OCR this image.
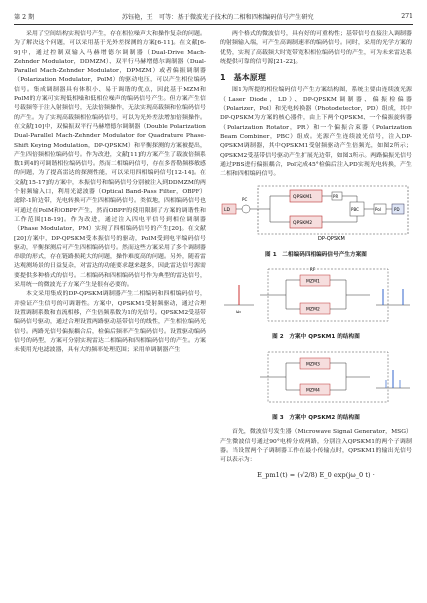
第 2 期	苏钰艳，王　可等：基于微波光子技术的二相和四相编码信号产生研究	271

采用了空间结构实现信号产生，存在相位噪声大和操作复杂的问题。为了解决这个问题，可以采用基于光外差探测的方案[6-11]。在文献[6-9]中，通过控制双输入马赫增德尔调制器（Dual-Drive Mach-Zehnder Modulator，DDMZM）、双平行马赫增德尔调制器（Dual-Parallel Mach-Zehnder Modulator，DPMZM）或者偏振调制器（Polarization Modulator，PolM）的驱动电压，可以产生相位编码信号。集成调制器具有体积小、易于调谐的优点，因此基于MZM和PolM的方案可实现低相噪和低相位噪声的编码信号产生。但方案产生信号载频等于注入射频信号，无法倍频操作，无法实现高载频和位编码信号的产生。为了实现高载频相位编码信号，可以为光外差法增加倍频操作。在文献[10]中，双偏振双平行马赫增德尔调制器（Double Polarization Dual-Parallel Mach-Zehnder Modulator for Quadrature Phase-Shift Keying Modulation，DP-QPSKM）和平衡探测的方案被提出，产生四倍频相位编码信号。作为改进，文献[11]的方案产生了载波倍频系数1到4的可调谐相位编码信号。然而二相编码信号，存在多普勒频移敏感的问题，为了提高雷达的探测性能，可以采用四相编码信号[12-14]。在文献[15-17]的方案中，本振信号和编码信号分别被注入到DDMZM的两个射频输入口，利用光滤波器（Optical Band-Pass Filter，OBPF）滤除-1阶边带，光电转换可产生四相编码信号。类似地，四相编码信号也可通过在PolM和OBPF产生，然而OBPF的使用限制了方案的调谐性和工作范围[18-19]。作为改进，通过注入四电平信号到相位调制器（Phase Modulator，PM）实现了四相编码信号的产生[20]。在文献[20]方案中，DP-QPSKM受本振信号的驱动，PolM受到电平编码信号驱动，平衡探测后可产生四相编码信号。然而这些方案采用了多个调制器串联的形式，存在链路损耗大的问题，操作难度高的问题。另外，随着雷达观测场景的日益复杂，对雷达的功能要求越来越多，因此雷达信号源需要提供多种格式的信号。二相编码和四相编码信号作为典型的雷达信号，采用统一的微波光子方案产生是很有必要的。

本文采用集成的DP-QPSKM调制器产生二相编码和四相编码信号，并验证产生信号的可调谐性。方案中，QPSKM1受射频驱动，通过合理设置调制系数和直流相移，产生倍频系数为1的光信号。QPSKM2受基带编码信号驱动，通过合理设置两路驱动基带信号的线性，产生相位编码光信号。两路光信号偏振耦合后，检偏后频率产生编码信号。设置驱动编码信号的码型，方案可分别实现雷达二相编码和四相编码信号的产生。方案未使用光电滤波器，具有大的频率处理范围；采用单调制器产生

两个格式的微波信号，具有好的可重构性；基带信号直接注入调制器的射频输入端，可产生高调制速率的编码信号。同时，采用的光学方案的优势，实现了高载频大时宽带宽积相位编码信号的产生，可为未来雷达系统提供可靠的信号源[21-22]。

1　基本原理

图1为所提的相位编码信号产生方案结构图，系统主要由连续波光源（Laser Diode，LD）、DP-QPSKM调制器、偏振检偏器（Polarizer，Pol）和光电转换器（Photodetector，PD）组成，其中DP-QPSKM为方案的核心器件，由上下两个QPSKM、一个偏振旋转器（Polarization Rotator，PR）和一个偏振合束器（Polarization Beam Combiner，PBC）组成。光源产生连续波光信号，注入DP-QPSKM调制器，其中QPSKM1受射频驱动产生倍频光，如图2所示；QPSKM2受基带信号驱动产生扩展光边带，如图3所示。两路偏振光信号通过PBS进行偏振耦合，Pol完成45°检偏后注入PD实现光电转换，产生二相和四相编码信号。

DP-QPSKM
LD
PC	QPSKM1
QPSKM2
PR
PBC	Pol	PD
图 1　二相编码四相编码信号产生方案图
MZM1
MZM2
RF
ω₀
图 2　方案中 QPSKM1 的结构图
MZM3
MZM4
图 3　方案中 QPSKM2 的结构图

首先，微波信号发生器（Microwave Signal Generator，MSG）产生微波信号通过90°电桥分成两路，分别注入QPSKM1的两个子调制器。当设置两个子调制器工作在最小传输点时，QPSKM1的输出光信号可以表示为：

E_pm1(t) = (√2/8) E_0 exp(jω_0 t) ·
